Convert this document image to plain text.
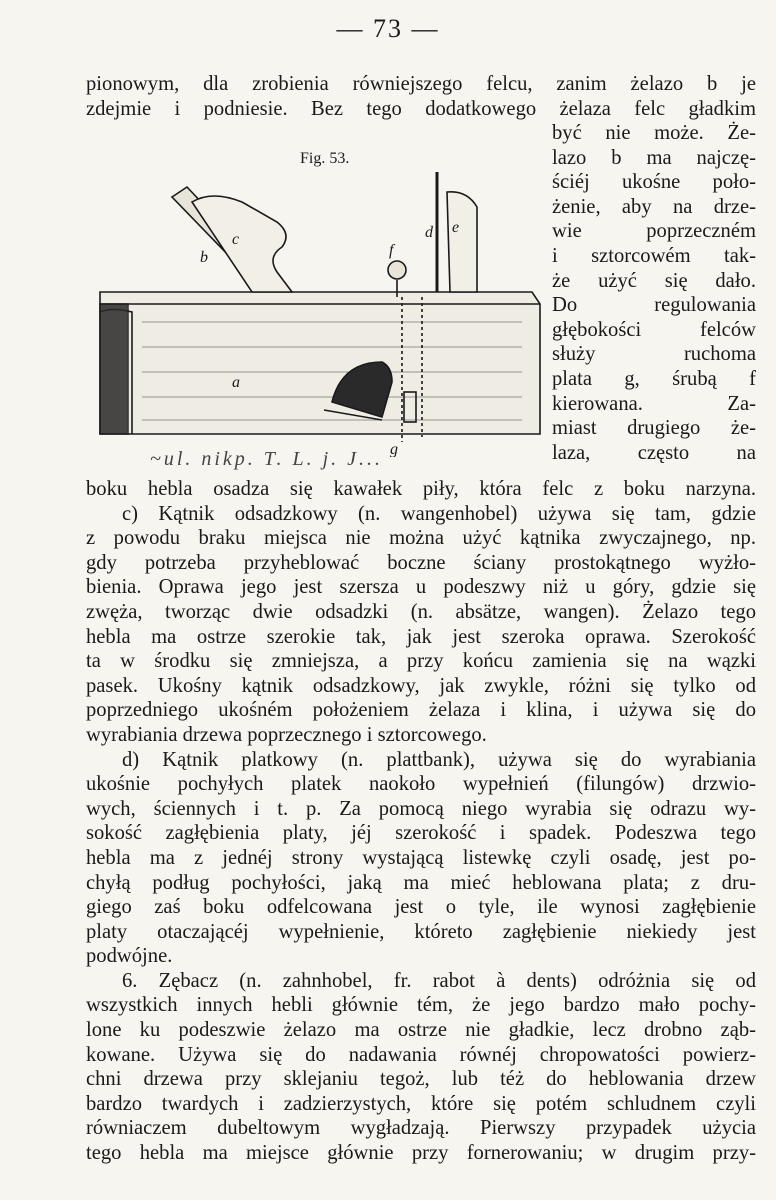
— 73 —
pionowym, dla zrobienia równiejszego felcu, zanim żelazo b je
zdejmie i podniesie. Bez tego dodatkowego żelaza felc gładkim
być nie może. Że-
lazo b ma najczę-
ściéj ukośne poło-
żenie, aby na drze-
wie poprzeczném
i sztorcowém tak-
że użyć się dało.
Do regulowania
głębokości felców
służy ruchoma
plata g, śrubą f
kierowana. Za-
miast drugiego że-
laza, często na
Fig. 53.
a
b
c	d e
f
g
~ul. nikp. T. L. j. J...
boku hebla osadza się kawałek piły, która felc z boku narzyna.
c) Kątnik odsadzkowy (n. wangenhobel) używa się tam, gdzie
z powodu braku miejsca nie można użyć kątnika zwyczajnego, np.
gdy potrzeba przyheblować boczne ściany prostokątnego wyżło-
bienia. Oprawa jego jest szersza u podeszwy niż u góry, gdzie się
zwęża, tworząc dwie odsadzki (n. absätze, wangen). Żelazo tego
hebla ma ostrze szerokie tak, jak jest szeroka oprawa. Szerokość
ta w środku się zmniejsza, a przy końcu zamienia się na wązki
pasek. Ukośny kątnik odsadzkowy, jak zwykle, różni się tylko od
poprzedniego ukośném położeniem żelaza i klina, i używa się do
wyrabiania drzewa poprzecznego i sztorcowego.
d) Kątnik platkowy (n. plattbank), używa się do wyrabiania
ukośnie pochyłych platek naokoło wypełnień (filungów) drzwio-
wych, ściennych i t. p. Za pomocą niego wyrabia się odrazu wy-
sokość zagłębienia platy, jéj szerokość i spadek. Podeszwa tego
hebla ma z jednéj strony wystającą listewkę czyli osadę, jest po-
chyłą podług pochyłości, jaką ma mieć heblowana plata; z dru-
giego zaś boku odfelcowana jest o tyle, ile wynosi zagłębienie
platy otaczającéj wypełnienie, któreto zagłębienie niekiedy jest
podwójne.
6. Zębacz (n. zahnhobel, fr. rabot à dents) odróżnia się od
wszystkich innych hebli głównie tém, że jego bardzo mało pochy-
lone ku podeszwie żelazo ma ostrze nie gładkie, lecz drobno ząb-
kowane. Używa się do nadawania równéj chropowatości powierz-
chni drzewa przy sklejaniu tegoż, lub téż do heblowania drzew
bardzo twardych i zadzierzystych, które się potém schludnem czyli
równiaczem dubeltowym wygładzają. Pierwszy przypadek użycia
tego hebla ma miejsce głównie przy fornerowaniu; w drugim przy-
